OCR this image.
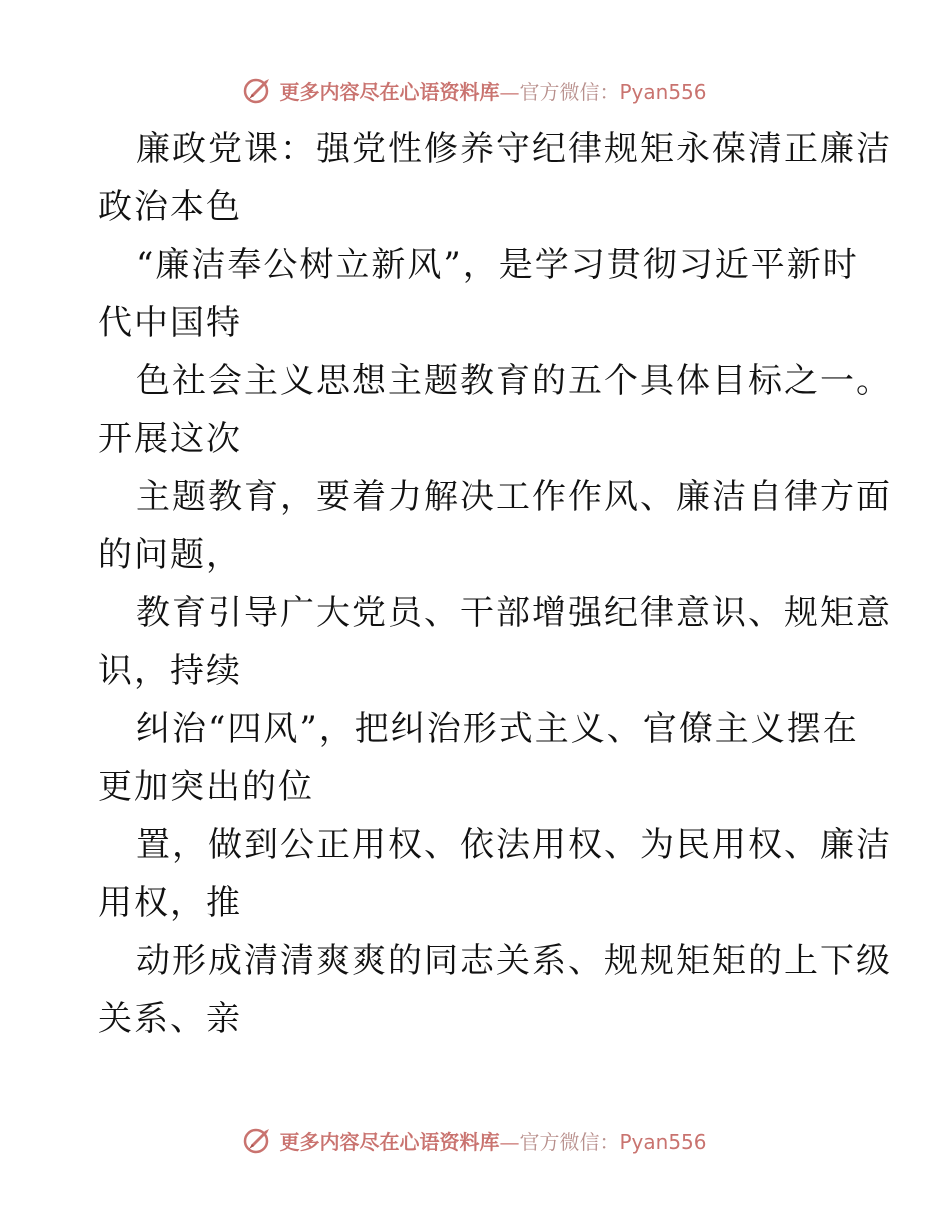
更多内容尽在心语资料库—官方微信：Pyan556
廉政党课：强党性修养守纪律规矩永葆清正廉洁
政治本色
“廉洁奉公树立新风”，是学习贯彻习近平新时
代中国特
色社会主义思想主题教育的五个具体目标之一。
开展这次
主题教育，要着力解决工作作风、廉洁自律方面
的问题，
教育引导广大党员、干部增强纪律意识、规矩意
识，持续
纠治“四风”，把纠治形式主义、官僚主义摆在
更加突出的位
置，做到公正用权、依法用权、为民用权、廉洁
用权，推
动形成清清爽爽的同志关系、规规矩矩的上下级
关系、亲
更多内容尽在心语资料库—官方微信：Pyan556
